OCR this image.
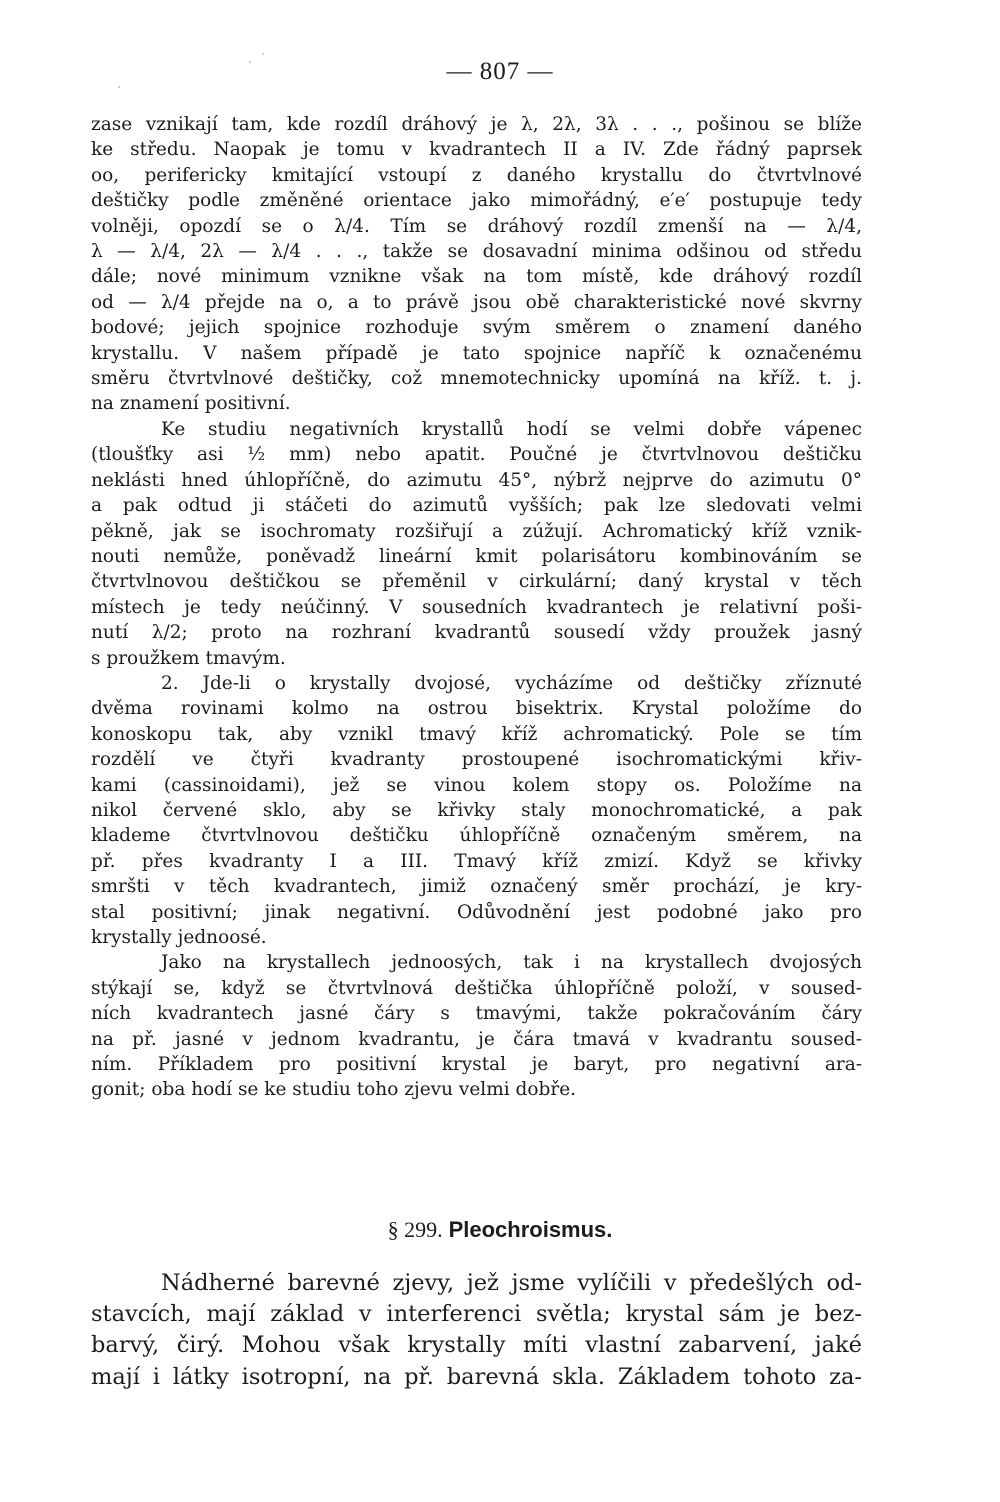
— 807 —
zase vznikají tam, kde rozdíl dráhový je λ, 2λ, 3λ . . ., pošinou se blíže
ke středu. Naopak je tomu v kvadrantech II a IV. Zde řádný paprsek
oo, perifericky kmitající vstoupí z daného krystallu do čtvrtvlnové
deštičky podle změněné orientace jako mimořádný, e′e′ postupuje tedy
volněji, opozdí se o λ/4. Tím se dráhový rozdíl zmenší na — λ/4,
λ — λ/4, 2λ — λ/4 . . ., takže se dosavadní minima odšinou od středu
dále; nové minimum vznikne však na tom místě, kde dráhový rozdíl
od — λ/4 přejde na o, a to právě jsou obě charakteristické nové skvrny
bodové; jejich spojnice rozhoduje svým směrem o znamení daného
krystallu. V našem případě je tato spojnice napříč k označenému
směru čtvrtvlnové deštičky, což mnemotechnicky upomíná na kříž. t. j.
na znamení positivní.
Ke studiu negativních krystallů hodí se velmi dobře vápenec
(tloušťky asi ½ mm) nebo apatit. Poučné je čtvrtvlnovou deštičku
neklásti hned úhlopříčně, do azimutu 45°, nýbrž nejprve do azimutu 0°
a pak odtud ji stáčeti do azimutů vyšších; pak lze sledovati velmi
pěkně, jak se isochromaty rozšiřují a zúžují. Achromatický kříž vznik-
nouti nemůže, poněvadž lineární kmit polarisátoru kombinováním se
čtvrtvlnovou deštičkou se přeměnil v cirkulární; daný krystal v těch
místech je tedy neúčinný. V sousedních kvadrantech je relativní poši-
nutí λ/2; proto na rozhraní kvadrantů sousedí vždy proužek jasný
s proužkem tmavým.
2. Jde-li o krystally dvojosé, vycházíme od deštičky zříznuté
dvěma rovinami kolmo na ostrou bisektrix. Krystal položíme do
konoskopu tak, aby vznikl tmavý kříž achromatický. Pole se tím
rozdělí ve čtyři kvadranty prostoupené isochromatickými křiv-
kami (cassinoidami), jež se vinou kolem stopy os. Položíme na
nikol červené sklo, aby se křivky staly monochromatické, a pak
klademe čtvrtvlnovou deštičku úhlopříčně označeným směrem, na
př. přes kvadranty I a III. Tmavý kříž zmizí. Když se křivky
smršti v těch kvadrantech, jimiž označený směr prochází, je kry-
stal positivní; jinak negativní. Odůvodnění jest podobné jako pro
krystally jednoosé.
Jako na krystallech jednoosých, tak i na krystallech dvojosých
stýkají se, když se čtvrtvlnová deštička úhlopříčně položí, v soused-
ních kvadrantech jasné čáry s tmavými, takže pokračováním čáry
na př. jasné v jednom kvadrantu, je čára tmavá v kvadrantu soused-
ním. Příkladem pro positivní krystal je baryt, pro negativní ara-
gonit; oba hodí se ke studiu toho zjevu velmi dobře.
§ 299. Pleochroismus.
Nádherné barevné zjevy, jež jsme vylíčili v předešlých od-
stavcích, mají základ v interferenci světla; krystal sám je bez-
barvý, čirý. Mohou však krystally míti vlastní zabarvení, jaké
mají i látky isotropní, na př. barevná skla. Základem tohoto za-
